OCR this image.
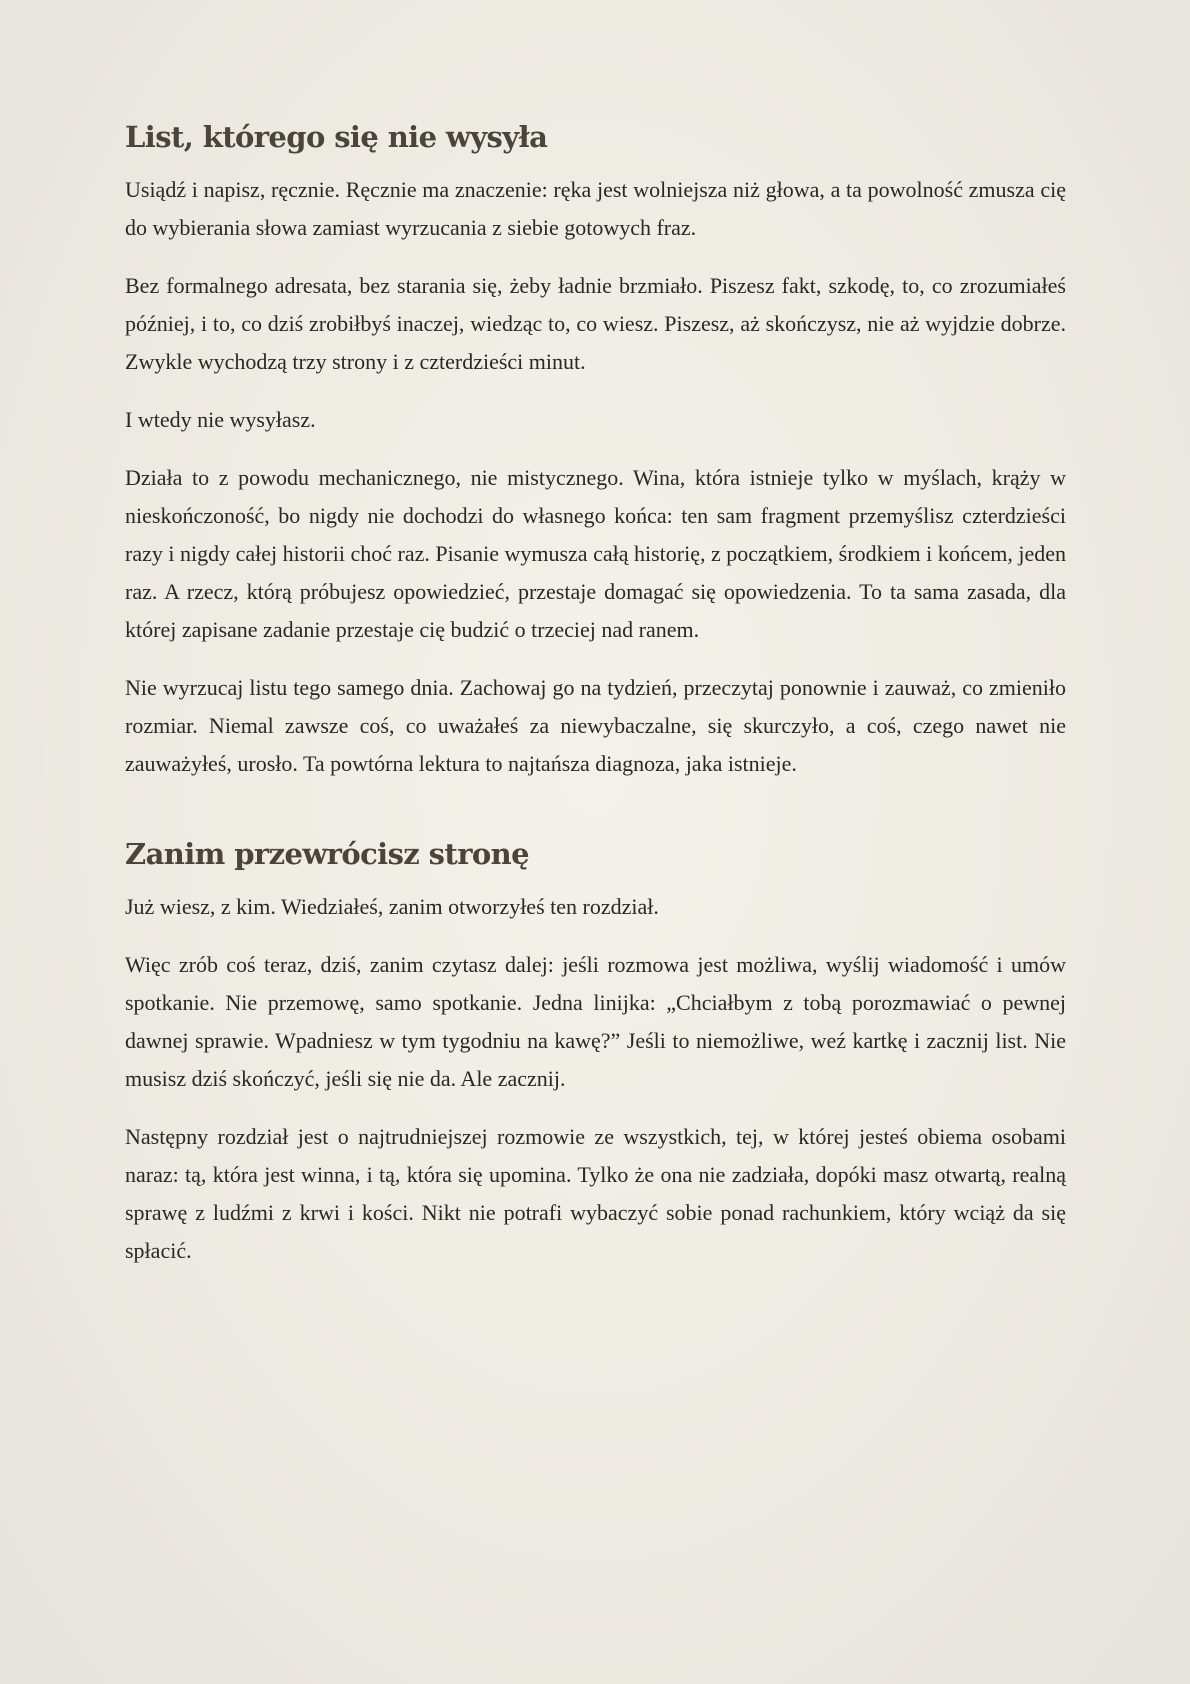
List, którego się nie wysyła

Usiądź i napisz, ręcznie. Ręcznie ma znaczenie: ręka jest wolniejsza niż głowa, a ta powolność zmusza cię do wybierania słowa zamiast wyrzucania z siebie gotowych fraz.

Bez formalnego adresata, bez starania się, żeby ładnie brzmiało. Piszesz fakt, szkodę, to, co zrozumiałeś później, i to, co dziś zrobiłbyś inaczej, wiedząc to, co wiesz. Piszesz, aż skończysz, nie aż wyjdzie dobrze. Zwykle wychodzą trzy strony i z czterdzieści minut.

I wtedy nie wysyłasz.

Działa to z powodu mechanicznego, nie mistycznego. Wina, która istnieje tylko w myślach, krąży w nieskończoność, bo nigdy nie dochodzi do własnego końca: ten sam fragment przemyślisz czterdzieści razy i nigdy całej historii choć raz. Pisanie wymusza całą historię, z początkiem, środkiem i końcem, jeden raz. A rzecz, którą próbujesz opowiedzieć, przestaje domagać się opowiedzenia. To ta sama zasada, dla której zapisane zadanie przestaje cię budzić o trzeciej nad ranem.

Nie wyrzucaj listu tego samego dnia. Zachowaj go na tydzień, przeczytaj ponownie i zauważ, co zmieniło rozmiar. Niemal zawsze coś, co uważałeś za niewybaczalne, się skurczyło, a coś, czego nawet nie zauważyłeś, urosło. Ta powtórna lektura to najtańsza diagnoza, jaka istnieje.

Zanim przewrócisz stronę

Już wiesz, z kim. Wiedziałeś, zanim otworzyłeś ten rozdział.

Więc zrób coś teraz, dziś, zanim czytasz dalej: jeśli rozmowa jest możliwa, wyślij wiadomość i umów spotkanie. Nie przemowę, samo spotkanie. Jedna linijka: „Chciałbym z tobą porozmawiać o pewnej dawnej sprawie. Wpadniesz w tym tygodniu na kawę?” Jeśli to niemożliwe, weź kartkę i zacznij list. Nie musisz dziś skończyć, jeśli się nie da. Ale zacznij.

Następny rozdział jest o najtrudniejszej rozmowie ze wszystkich, tej, w której jesteś obiema osobami naraz: tą, która jest winna, i tą, która się upomina. Tylko że ona nie zadziała, dopóki masz otwartą, realną sprawę z ludźmi z krwi i kości. Nikt nie potrafi wybaczyć sobie ponad rachunkiem, który wciąż da się spłacić.
